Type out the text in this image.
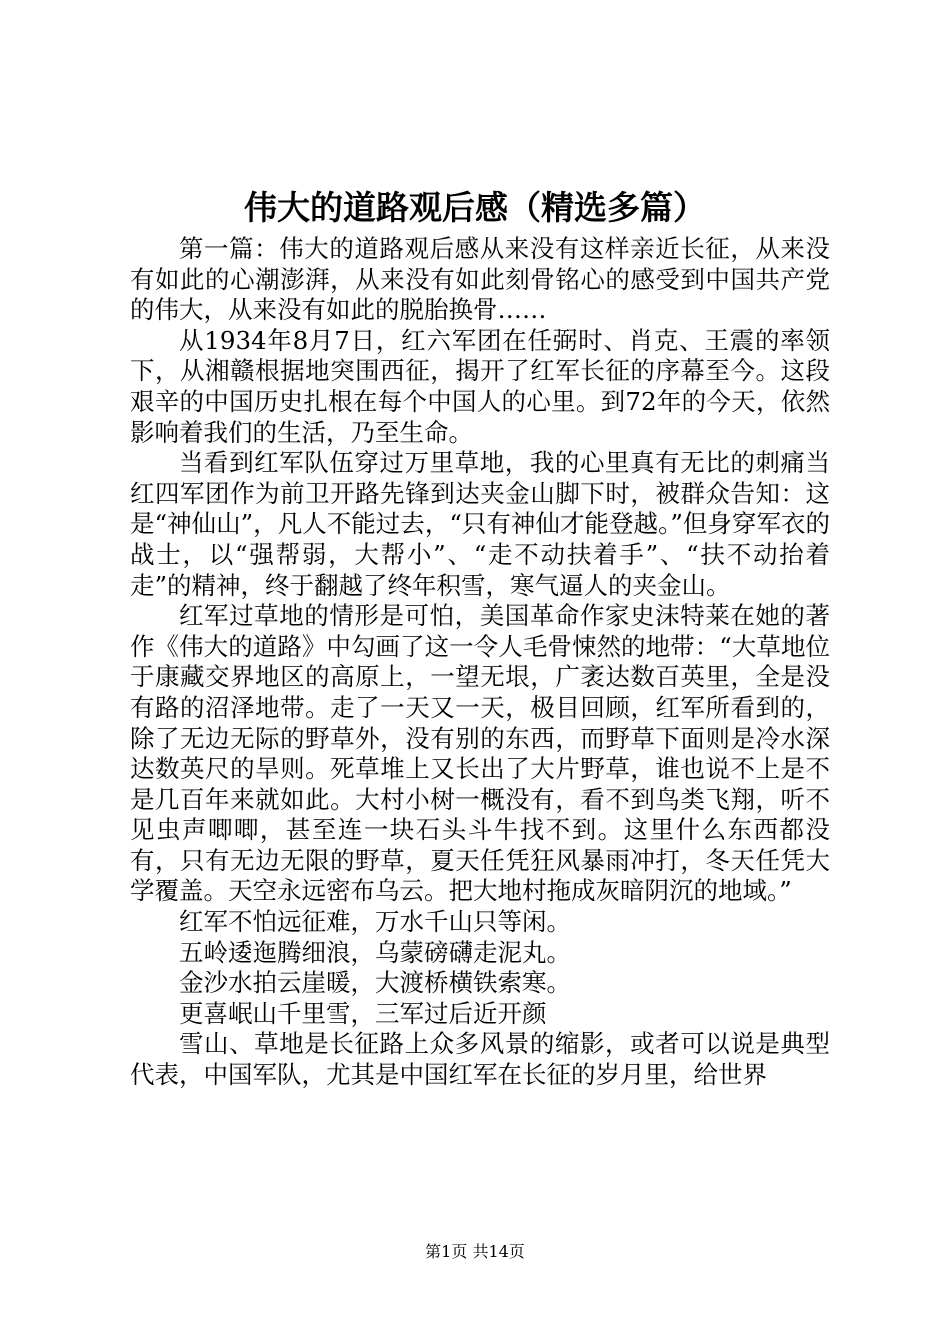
伟大的道路观后感（精选多篇）

第一篇：伟大的道路观后感从来没有这样亲近长征，从来没有如此的心潮澎湃，从来没有如此刻骨铭心的感受到中国共产党的伟大，从来没有如此的脱胎换骨……

从1934年8月7日，红六军团在任弼时、肖克、王震的率领下，从湘赣根据地突围西征，揭开了红军长征的序幕至今。这段艰辛的中国历史扎根在每个中国人的心里。到72年的今天，依然影响着我们的生活，乃至生命。

当看到红军队伍穿过万里草地，我的心里真有无比的刺痛当红四军团作为前卫开路先锋到达夹金山脚下时，被群众告知：这是“神仙山”，凡人不能过去，“只有神仙才能登越。”但身穿军衣的战士，以“强帮弱，大帮小”、“走不动扶着手”、“扶不动抬着走”的精神，终于翻越了终年积雪，寒气逼人的夹金山。

红军过草地的情形是可怕，美国革命作家史沫特莱在她的著作《伟大的道路》中勾画了这一令人毛骨悚然的地带：“大草地位于康藏交界地区的高原上，一望无垠，广袤达数百英里，全是没有路的沼泽地带。走了一天又一天，极目回顾，红军所看到的，除了无边无际的野草外，没有别的东西，而野草下面则是冷水深达数英尺的旱则。死草堆上又长出了大片野草，谁也说不上是不是几百年来就如此。大村小树一概没有，看不到鸟类飞翔，听不见虫声唧唧，甚至连一块石头斗牛找不到。这里什么东西都没有，只有无边无限的野草，夏天任凭狂风暴雨冲打，冬天任凭大学覆盖。天空永远密布乌云。把大地村拖成灰暗阴沉的地域。”

红军不怕远征难，万水千山只等闲。

五岭逶迤腾细浪，乌蒙磅礴走泥丸。

金沙水拍云崖暖，大渡桥横铁索寒。

更喜岷山千里雪，三军过后近开颜

雪山、草地是长征路上众多风景的缩影，或者可以说是典型代表，中国军队，尤其是中国红军在长征的岁月里，给世界

第1页 共14页
